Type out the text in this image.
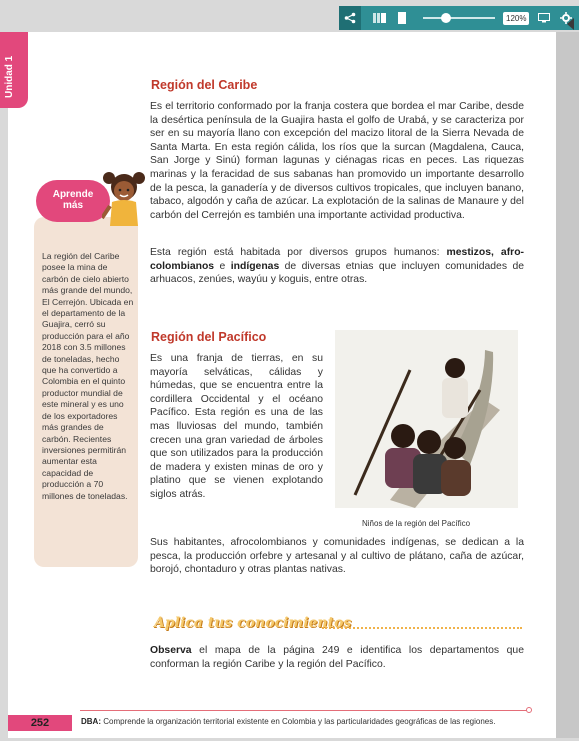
120%
Unidad 1	Región del Caribe
Es el territorio conformado por la franja costera que bordea el mar Caribe, desde la desértica península de la Guajira hasta el golfo de Urabá, y se caracteriza por ser en su mayoría llano con excepción del macizo litoral de la Sierra Nevada de Santa Marta. En esta región cálida, los ríos que la surcan (Magdalena, Cauca, San Jorge y Sinú) forman lagunas y ciénagas ricas en peces. Las riquezas marinas y la feracidad de sus sabanas han promovido un importante desarrollo de la pesca, la ganadería y de diversos cultivos tropicales, que incluyen banano, tabaco, algodón y caña de azúcar. La explotación de la salinas de Manaure y del carbón del Cerrejón es también una importante actividad productiva.
Esta región está habitada por diversos grupos humanos: mestizos, afro-colombianos e indígenas de diversas etnias que incluyen comunidades de arhuacos, zenúes, wayúu y koguis, entre otras.
La región del Caribe posee la mina de carbón de cielo abierto más grande del mundo, El Cerrejón. Ubicada en el departamento de la Guajira, cerró su producción para el año 2018 con 3.5 millones de toneladas, hecho que ha convertido a Colombia en el quinto productor mundial de este mineral y es uno de los exportadores más grandes de carbón. Recientes inversiones permitirán aumentar esta capacidad de producción a 70 millones de toneladas.
Aprende
más
Región del Pacífico
Es una franja de tierras, en su mayoría selváticas, cálidas y húmedas, que se encuentra entre la cordillera Occidental y el océano Pacífico. Esta región es una de las mas lluviosas del mundo, también crecen una gran variedad de árboles que son utilizados para la producción de madera y existen minas de oro y platino que se vienen explotando siglos atrás.
Niños de la región del Pacífico
Sus habitantes, afrocolombianos y comunidades indígenas, se dedican a la pesca, la producción orfebre y artesanal y al cultivo de plátano, caña de azúcar, borojó, chontaduro y otras plantas nativas.
Aplica tus conocimientos
Observa el mapa de la página 249 e identifica los departamentos que conforman la región Caribe y la región del Pacífico.
252	DBA: Comprende la organización territorial existente en Colombia y las particularidades geográficas de las regiones.
